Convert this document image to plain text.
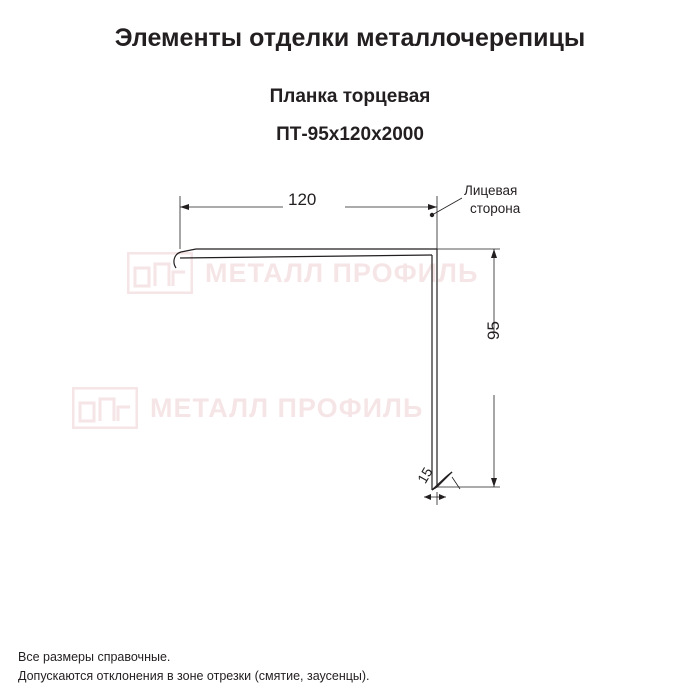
Элементы отделки металлочерепицы
Планка торцевая
ПТ-95x120x2000
МЕТАЛЛ ПРОФИЛЬ
МЕТАЛЛ ПРОФИЛЬ
120
95
15
Лицевая
сторона
Все размеры справочные.
Допускаются отклонения в зоне отрезки (смятие, заусенцы).
